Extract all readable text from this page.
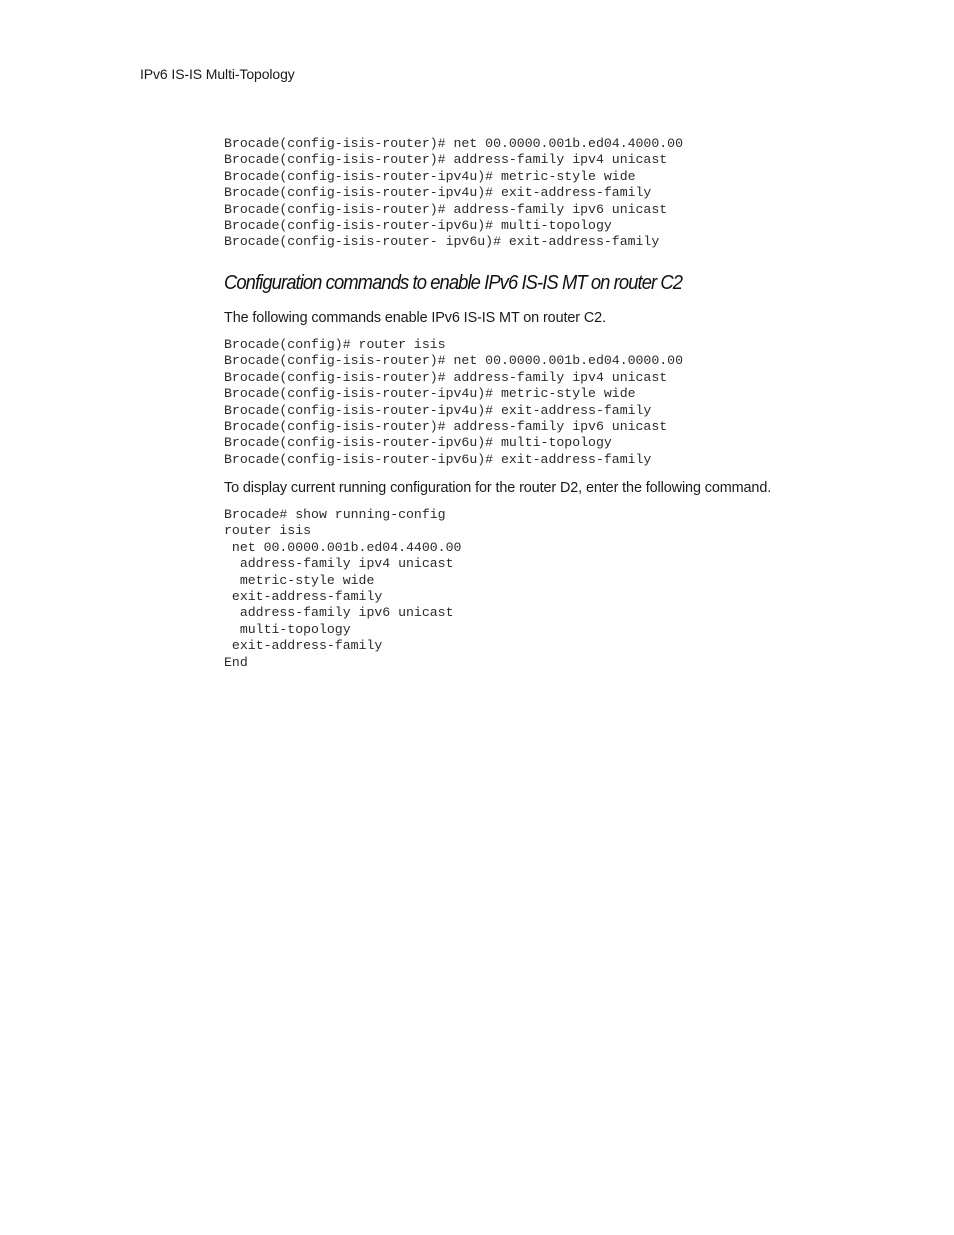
IPv6 IS-IS Multi-Topology
Brocade(config-isis-router)# net 00.0000.001b.ed04.4000.00
Brocade(config-isis-router)# address-family ipv4 unicast
Brocade(config-isis-router-ipv4u)# metric-style wide
Brocade(config-isis-router-ipv4u)# exit-address-family
Brocade(config-isis-router)# address-family ipv6 unicast
Brocade(config-isis-router-ipv6u)# multi-topology
Brocade(config-isis-router- ipv6u)# exit-address-family
Configuration commands to enable IPv6 IS-IS MT on router C2

The following commands enable IPv6 IS-IS MT on router C2.

Brocade(config)# router isis
Brocade(config-isis-router)# net 00.0000.001b.ed04.0000.00
Brocade(config-isis-router)# address-family ipv4 unicast
Brocade(config-isis-router-ipv4u)# metric-style wide
Brocade(config-isis-router-ipv4u)# exit-address-family
Brocade(config-isis-router)# address-family ipv6 unicast
Brocade(config-isis-router-ipv6u)# multi-topology
Brocade(config-isis-router-ipv6u)# exit-address-family

To display current running configuration for the router D2, enter the following command.

Brocade# show running-config
router isis
net 00.0000.001b.ed04.4400.00
address-family ipv4 unicast
metric-style wide
exit-address-family
address-family ipv6 unicast
multi-topology
exit-address-family
End
